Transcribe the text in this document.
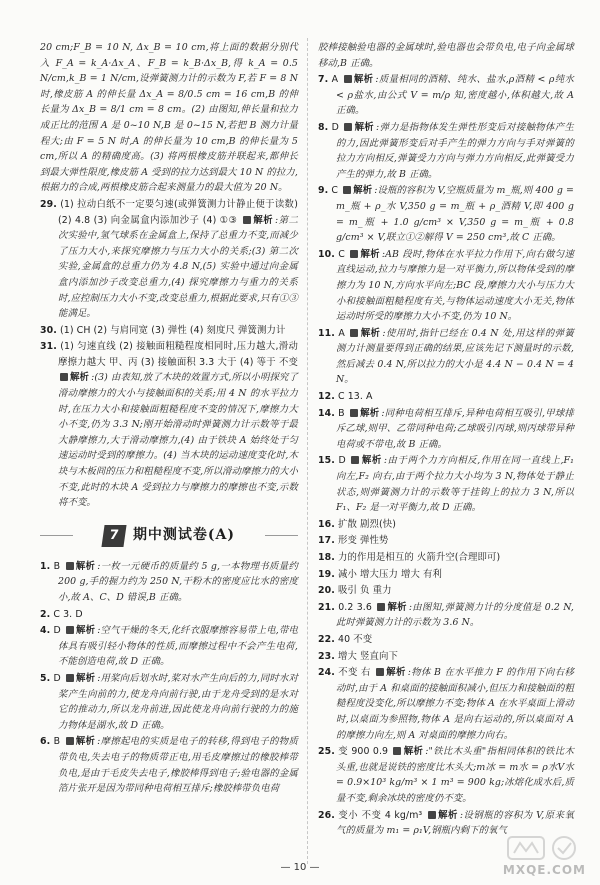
20 cm;F_B = 10 N, Δx_B = 10 cm,将上面的数据分别代入 F_A = k_A·Δx_A、F_B = k_B·Δx_B,得 k_A = 0.5 N/cm,k_B = 1 N/cm,设弹簧测力计的示数为 F,若 F = 8 N 时,橡皮筋 A 的伸长量 Δx_A = 8/0.5 cm = 16 cm,B 的伸长量为 Δx_B = 8/1 cm = 8 cm。(2) 由图知,伸长量和拉力成正比的范围 A 是 0~10 N,B 是 0~15 N,若把 B 测力计量程大;由 F = 5 N 时,A 的伸长量为 10 cm,B 的伸长量为 5 cm,所以 A 的精确度高。(3) 将两根橡皮筋并联起来,都伸长到最大弹性限度,橡皮筋 A 受到的拉力达到最大 10 N 的拉力,根据力的合成,两根橡皮筋合起来测量力的最大值为 20 N。
29. (1) 拉动白纸不一定要匀速(或弹簧测力计静止便于读数) (2) 4.8 (3) 向金属盒内添加沙子 (4) ①③ 解析 :第二次实验中,氢气球系在金属盒上,保持了总重力不变,而减少了压力大小,来探究摩擦力与压力大小的关系;(3) 第二次实验,金属盒的总重力仍为 4.8 N,(5) 实验中通过向金属盒内添加沙子改变总重力,(4) 探究摩擦力与重力的关系时,应控制压力大小不变,改变总重力,根据此要求,只有①③能满足。
30. (1) CH (2) 与肩同宽 (3) 弹性 (4) 刻度尺 弹簧测力计
31. (1) 匀速直线 (2) 接触面粗糙程度相同时,压力越大,滑动摩擦力越大 甲、丙 (3) 接触面积 3.3 大于 (4) 等于 不变 解析 :(3) 由表知,放了木块的效置方式,所以小明探究了滑动摩擦力的大小与接触面积的关系;用 4 N 的水平拉力时,在压力大小和接触面粗糙程度不变的情况下,摩擦力大小不变,仍为 3.3 N;刚开始滑动时弹簧测力计示数等于最大静摩擦力,大于滑动摩擦力,(4) 由于铁块 A 始终处于匀速运动时受到的摩擦力。(4) 当木块的运动速度变化时,木块与木板间的压力和粗糙程度不变,所以滑动摩擦力的大小不变,此时的木块 A 受到拉力与摩擦力的摩擦也不变,示数将不变。
7 期中测试卷(A)
1. B 解析 :一枚一元硬币的质量约 5 g,一本物理书质量约 200 g,手的握力约为 250 N,干粉木的密度应比水的密度小,故 A、C、D 错误,B 正确。
2. C 3. D
4. D 解析 :空气干燥的冬天,化纤衣服摩擦容易带上电,带电体具有吸引轻小物体的性质,而摩擦过程中不会产生电荷,不能创造电荷,故 D 正确。
5. D 解析 :用桨向后划水时,桨对水产生向后的力,同时水对桨产生向前的力,使龙舟向前行驶,由于龙舟受到的是水对它的推动力,所以龙舟前进,因此使龙舟向前行驶的力的施力物体是湖水,故 D 正确。
6. B 解析 :摩擦起电的实质是电子的转移,得到电子的物质带负电,失去电子的物质带正电,用毛皮摩擦过的橡胶棒带负电,是由于毛皮失去电子,橡胶棒得到电子;验电器的金属箔片张开是因为带同种电荷相互排斥;橡胶棒带负电荷
胶棒接触验电器的金属球时,验电器也会带负电,电子向金属球移动,B 正确。
7. A 解析 :质量相同的酒精、纯水、盐水,ρ酒精 < ρ纯水 < ρ盐水,由公式 V = m/ρ 知,密度越小,体积越大,故 A 正确。
8. D 解析 :弹力是指物体发生弹性形变后对接触物体产生的力,因此弹簧形变后对手产生的弹力方向与手对弹簧的拉力方向相反,弹簧受力方向与弹力方向相反,此弹簧受力产生的弹力,故 B 正确。
9. C 解析 :设瓶的容积为 V,空瓶质量为 m_瓶,则 400 g = m_瓶 + ρ_水 V,350 g = m_瓶 + ρ_酒精 V,即 400 g = m_瓶 + 1.0 g/cm³ × V,350 g = m_瓶 + 0.8 g/cm³ × V,联立①②解得 V = 250 cm³,故 C 正确。
10. C 解析 :AB 段时,物体在水平拉力作用下,向右做匀速直线运动,拉力与摩擦力是一对平衡力,所以物体受到的摩擦力为 10 N,方向水平向左;BC 段,摩擦力大小与压力大小和接触面粗糙程度有关,与物体运动速度大小无关,物体运动时所受的摩擦力大小不变,仍为 10 N。
11. A 解析 :使用时,指针已经在 0.4 N 处,用这样的弹簧测力计测量要得到正确的结果,应该先记下测量时的示数,然后减去 0.4 N,所以拉力的大小是 4.4 N − 0.4 N = 4 N。
12. C 13. A
14. B 解析 :同种电荷相互排斥,异种电荷相互吸引,甲球排斥乙球,则甲、乙带同种电荷;乙球吸引丙球,则丙球带异种电荷或不带电,故 B 正确。
15. D 解析 :由于两个力方向相反,作用在同一直线上,F₁ 向左,F₂ 向右,由于两个拉力大小均为 3 N,物体处于静止状态,则弹簧测力计的示数等于挂钩上的拉力 3 N,所以 F₁、F₂ 是一对平衡力,故 D 正确。
16. 扩散 剧烈(快)
17. 形变 弹性势
18. 力的作用是相互的 火箭升空(合理即可)
19. 减小 增大压力 增大 有利
20. 吸引 负 重力
21. 0.2 3.6 解析 :由图知,弹簧测力计的分度值是 0.2 N,此时弹簧测力计的示数为 3.6 N。
22. 40 不变
23. 增大 竖直向下
24. 不变 右 解析 :物体 B 在水平推力 F 的作用下向右移动时,由于 A 和桌面的接触面积减小,但压力和接触面的粗糙程度没变化,所以摩擦力不变;物体 A 在水平桌面上滑动时,以桌面为参照物,物体 A 是向右运动的,所以桌面对 A 的摩擦力向左,则 A 对桌面的摩擦力向右。
25. 变 900 0.9 解析 :"铁比木头重"指相同体积的铁比木头重,也就是说铁的密度比木头大;m冰 = m水 = ρ水V水 = 0.9×10³ kg/m³ × 1 m³ = 900 kg;冰熔化成水后,质量不变,剩余冰块的密度仍不变。
26. 变小 不变 4 kg/m³ 解析 :设钢瓶的容积为 V,原来氧气的质量为 m₁ = ρ₁V,钢瓶内剩下的氧气
— 10 —	MXQE.COM
